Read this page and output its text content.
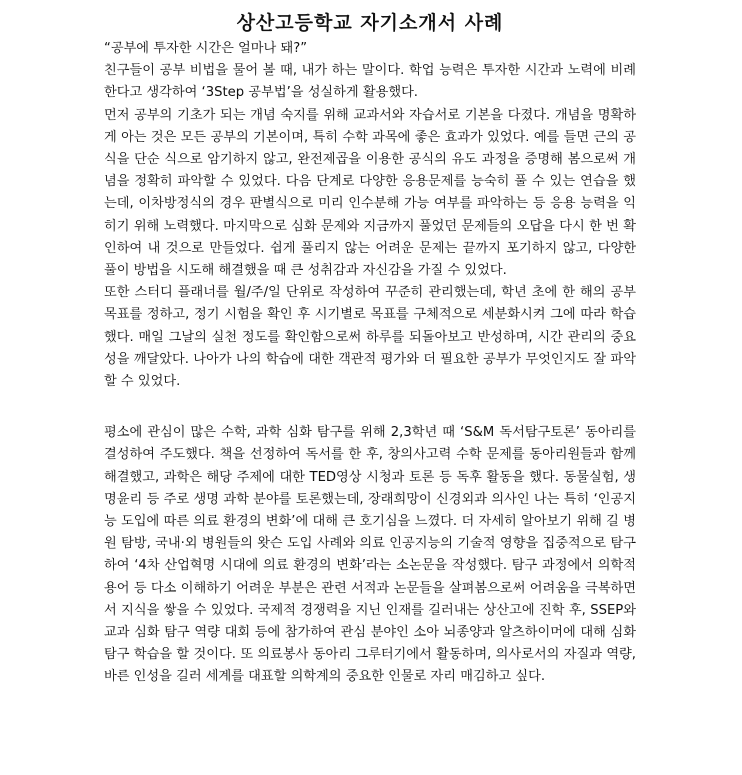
상산고등학교 자기소개서 사례

“공부에 투자한 시간은 얼마나 돼?”

친구들이 공부 비법을 물어 볼 때, 내가 하는 말이다. 학업 능력은 투자한 시간과 노력에 비례한다고 생각하여 ‘3Step 공부법’을 성실하게 활용했다.

먼저 공부의 기초가 되는 개념 숙지를 위해 교과서와 자습서로 기본을 다졌다. 개념을 명확하게 아는 것은 모든 공부의 기본이며, 특히 수학 과목에 좋은 효과가 있었다. 예를 들면 근의 공식을 단순 식으로 암기하지 않고, 완전제곱을 이용한 공식의 유도 과정을 증명해 봄으로써 개념을 정확히 파악할 수 있었다. 다음 단계로 다양한 응용문제를 능숙히 풀 수 있는 연습을 했는데, 이차방정식의 경우 판별식으로 미리 인수분해 가능 여부를 파악하는 등 응용 능력을 익히기 위해 노력했다. 마지막으로 심화 문제와 지금까지 풀었던 문제들의 오답을 다시 한 번 확인하여 내 것으로 만들었다. 쉽게 풀리지 않는 어려운 문제는 끝까지 포기하지 않고, 다양한 풀이 방법을 시도해 해결했을 때 큰 성취감과 자신감을 가질 수 있었다.

또한 스터디 플래너를 월/주/일 단위로 작성하여 꾸준히 관리했는데, 학년 초에 한 해의 공부 목표를 정하고, 정기 시험을 확인 후 시기별로 목표를 구체적으로 세분화시켜 그에 따라 학습했다. 매일 그날의 실천 정도를 확인함으로써 하루를 되돌아보고 반성하며, 시간 관리의 중요성을 깨달았다. 나아가 나의 학습에 대한 객관적 평가와 더 필요한 공부가 무엇인지도 잘 파악할 수 있었다.

평소에 관심이 많은 수학, 과학 심화 탐구를 위해 2,3학년 때 ‘S&M 독서탐구토론’ 동아리를 결성하여 주도했다. 책을 선정하여 독서를 한 후, 창의사고력 수학 문제를 동아리원들과 함께 해결했고, 과학은 해당 주제에 대한 TED영상 시청과 토론 등 독후 활동을 했다. 동물실험, 생명윤리 등 주로 생명 과학 분야를 토론했는데, 장래희망이 신경외과 의사인 나는 특히 ‘인공지능 도입에 따른 의료 환경의 변화’에 대해 큰 호기심을 느꼈다. 더 자세히 알아보기 위해 길 병원 탐방, 국내·외 병원들의 왓슨 도입 사례와 의료 인공지능의 기술적 영향을 집중적으로 탐구하여 ‘4차 산업혁명 시대에 의료 환경의 변화’라는 소논문을 작성했다. 탐구 과정에서 의학적 용어 등 다소 이해하기 어려운 부분은 관련 서적과 논문들을 살펴봄으로써 어려움을 극복하면서 지식을 쌓을 수 있었다. 국제적 경쟁력을 지닌 인재를 길러내는 상산고에 진학 후, SSEP와 교과 심화 탐구 역량 대회 등에 참가하여 관심 분야인 소아 뇌종양과 알츠하이머에 대해 심화 탐구 학습을 할 것이다. 또 의료봉사 동아리 그루터기에서 활동하며, 의사로서의 자질과 역량, 바른 인성을 길러 세계를 대표할 의학계의 중요한 인물로 자리 매김하고 싶다.
